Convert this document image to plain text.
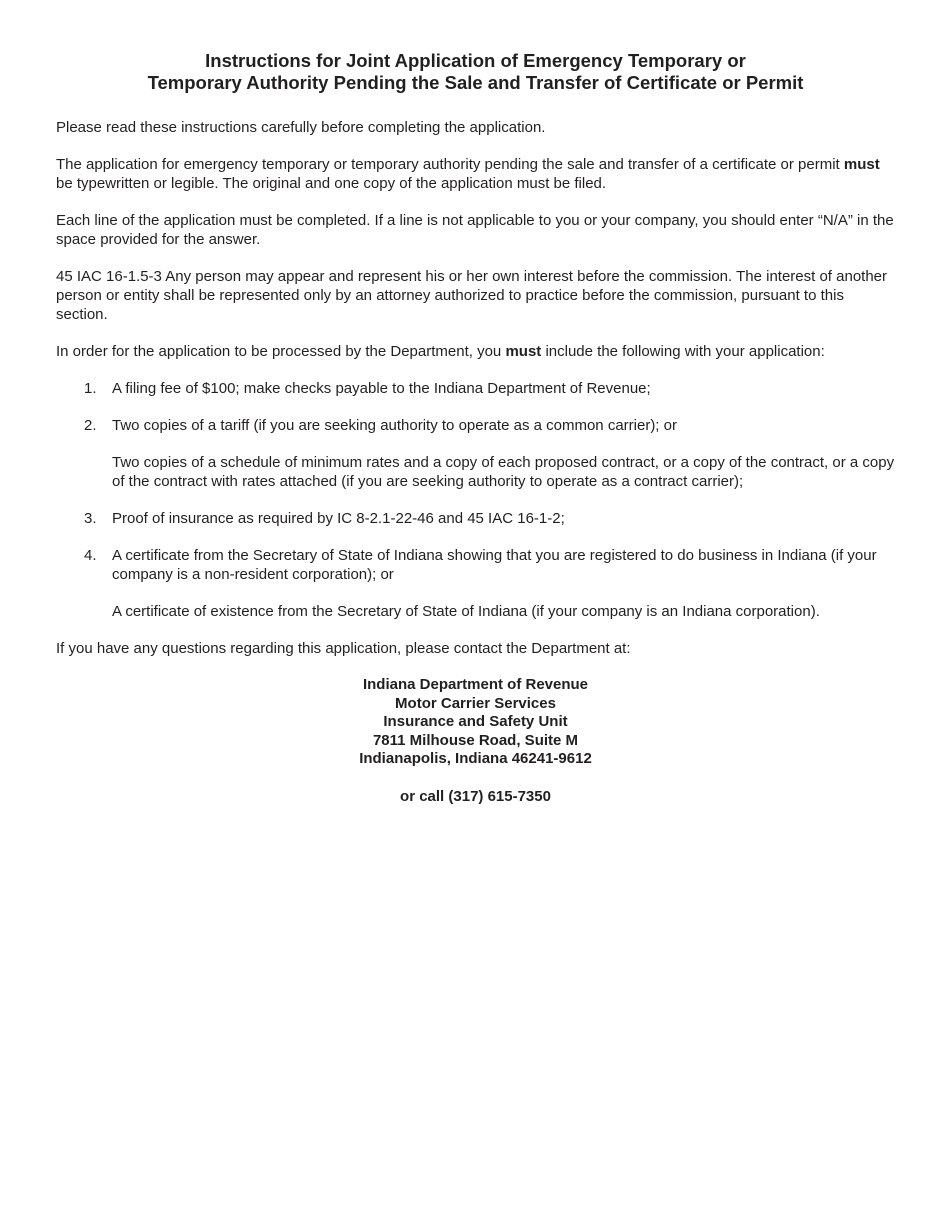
Instructions for Joint Application of Emergency Temporary or
Temporary Authority Pending the Sale and Transfer of Certificate or Permit

Please read these instructions carefully before completing the application.

The application for emergency temporary or temporary authority pending the sale and transfer of a certificate or permit must be typewritten or legible. The original and one copy of the application must be filed.

Each line of the application must be completed. If a line is not applicable to you or your company, you should enter “N/A” in the space provided for the answer.

45 IAC 16-1.5-3 Any person may appear and represent his or her own interest before the commission. The interest of another person or entity shall be represented only by an attorney authorized to practice before the commission, pursuant to this section.

In order for the application to be processed by the Department, you must include the following with your application:

1. A filing fee of $100; make checks payable to the Indiana Department of Revenue;
2. Two copies of a tariff (if you are seeking authority to operate as a common carrier); or
Two copies of a schedule of minimum rates and a copy of each proposed contract, or a copy of the contract, or a copy of the contract with rates attached (if you are seeking authority to operate as a contract carrier);
3. Proof of insurance as required by IC 8-2.1-22-46 and 45 IAC 16-1-2;
4. A certificate from the Secretary of State of Indiana showing that you are registered to do business in Indiana (if your company is a non-resident corporation); or
A certificate of existence from the Secretary of State of Indiana (if your company is an Indiana corporation).

If you have any questions regarding this application, please contact the Department at:

Indiana Department of Revenue
Motor Carrier Services
Insurance and Safety Unit
7811 Milhouse Road, Suite M
Indianapolis, Indiana 46241-9612
or call (317) 615-7350
